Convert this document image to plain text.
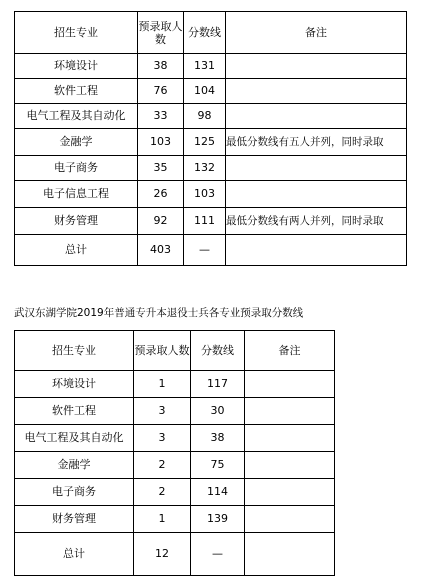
招生专业	预录取人数	分数线	备注
环境设计	38	131	
软件工程	76	104	
电气工程及其自动化	33	98	
金融学	103	125	最低分数线有五人并列，同时录取
电子商务	35	132	
电子信息工程	26	103	
财务管理	92	111	最低分数线有两人并列，同时录取
总计	403	—	
武汉东湖学院2019年普通专升本退役士兵各专业预录取分数线
招生专业	预录取人数	分数线	备注
环境设计	1	117	
软件工程	3	30	
电气工程及其自动化	3	38	
金融学	2	75	
电子商务	2	114	
财务管理	1	139	
总计	12	—	
